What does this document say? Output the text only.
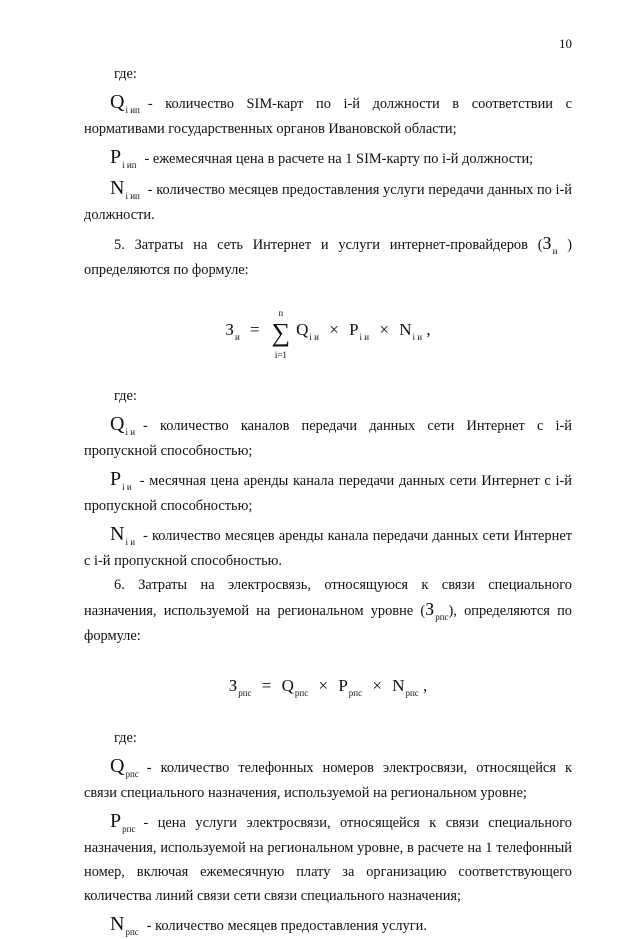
10

где:

$Q_{i ип}$ - количество SIM-карт по i-й должности в соответствии с нормативами государственных органов Ивановской области;

$P_{i ип}$ - ежемесячная цена в расчете на 1 SIM-карту по i-й должности;

$N_{i ип}$ - количество месяцев предоставления услуги передачи данных по i-й должности.

5. Затраты на сеть Интернет и услуги интернет-провайдеров ($З_и$ ) определяются по формуле:

$З_и$ =
n
∑
i=1
$Q_{i и} \times P_{i и} \times N_{i и}$ ,

где:

$Q_{i и}$ - количество каналов передачи данных сети Интернет с i-й пропускной способностью;

$P_{i и}$ - месячная цена аренды канала передачи данных сети Интернет с i-й пропускной способностью;

$N_{i и}$ - количество месяцев аренды канала передачи данных сети Интернет с i-й пропускной способностью.

6. Затраты на электросвязь, относящуюся к связи специального назначения, используемой на региональном уровне $(З_{рпс})$, определяются по формуле:

$З_{рпс} = Q_{рпс} \times P_{рпс} \times N_{рпс}$ ,

где:

$Q_{рпс}$ - количество телефонных номеров электросвязи, относящейся к связи специального назначения, используемой на региональном уровне;

$P_{рпс}$ - цена услуги электросвязи, относящейся к связи специального назначения, используемой на региональном уровне, в расчете на 1 телефонный номер, включая ежемесячную плату за организацию соответствующего количества линий связи сети связи специального назначения;

$N_{рпс}$ - количество месяцев предоставления услуги.
